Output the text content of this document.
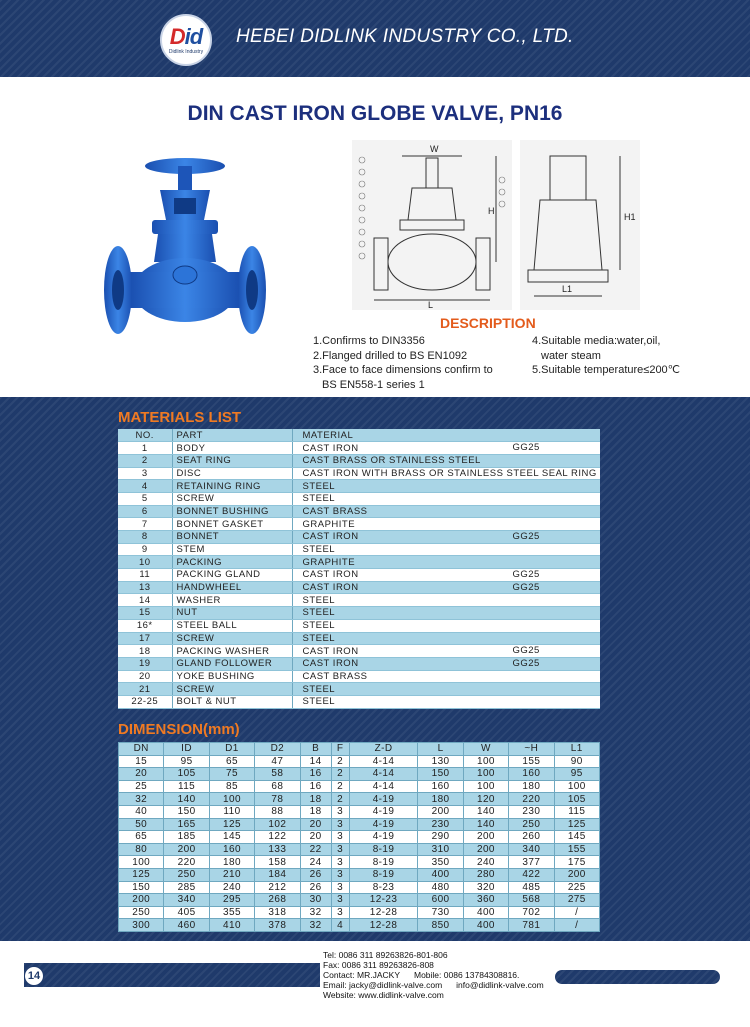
Did
Didlink Industry
HEBEI DIDLINK INDUSTRY CO., LTD.
DIN CAST IRON GLOBE VALVE, PN16
W
H
L
H1
L1
DESCRIPTION
1.Confirms to DIN3356
2.Flanged drilled to BS EN1092
3.Face to face dimensions confirm to
BS EN558-1 series 1
4.Suitable media:water,oil,
water steam
5.Suitable temperature≤200℃
MATERIALS LIST
NO.	PART	MATERIAL
1	BODY	CAST IRON GG25

2	SEAT RING	CAST BRASS OR STAINLESS STEEL
3	DISC	CAST IRON WITH BRASS OR STAINLESS STEEL SEAL RING
4	RETAINING RING	STEEL
5	SCREW	STEEL
6	BONNET BUSHING	CAST BRASS
7	BONNET GASKET	GRAPHITE
8	BONNET	CAST IRON GG25

9	STEM	STEEL
10	PACKING	GRAPHITE
11	PACKING GLAND	CAST IRON GG25

13	HANDWHEEL	CAST IRON GG25

14	WASHER	STEEL
15	NUT	STEEL
16*	STEEL BALL	STEEL
17	SCREW	STEEL
18	PACKING WASHER	CAST IRON GG25

19	GLAND FOLLOWER	CAST IRON GG25

20	YOKE BUSHING	CAST BRASS
21	SCREW	STEEL
22-25	BOLT & NUT	STEEL
DIMENSION(mm)
DN	ID	D1	D2	B	F	Z-D	L	W	~H	L1
15	95	65	47	14	2	4-14	130	100	155	90
20	105	75	58	16	2	4-14	150	100	160	95
25	115	85	68	16	2	4-14	160	100	180	100
32	140	100	78	18	2	4-19	180	120	220	105
40	150	110	88	18	3	4-19	200	140	230	115
50	165	125	102	20	3	4-19	230	140	250	125
65	185	145	122	20	3	4-19	290	200	260	145
80	200	160	133	22	3	8-19	310	200	340	155
100	220	180	158	24	3	8-19	350	240	377	175
125	250	210	184	26	3	8-19	400	280	422	200
150	285	240	212	26	3	8-23	480	320	485	225
200	340	295	268	30	3	12-23	600	360	568	275
250	405	355	318	32	3	12-28	730	400	702	/
300	460	410	378	32	4	12-28	850	400	781	/
14
Tel: 0086 311 89263826-801-806
Fax: 0086 311 89263826-808
Contact: MR.JACKY Mobile: 0086 13784308816.
Email: jacky@didlink-valve.com info@didlink-valve.com
Website: www.didlink-valve.com
